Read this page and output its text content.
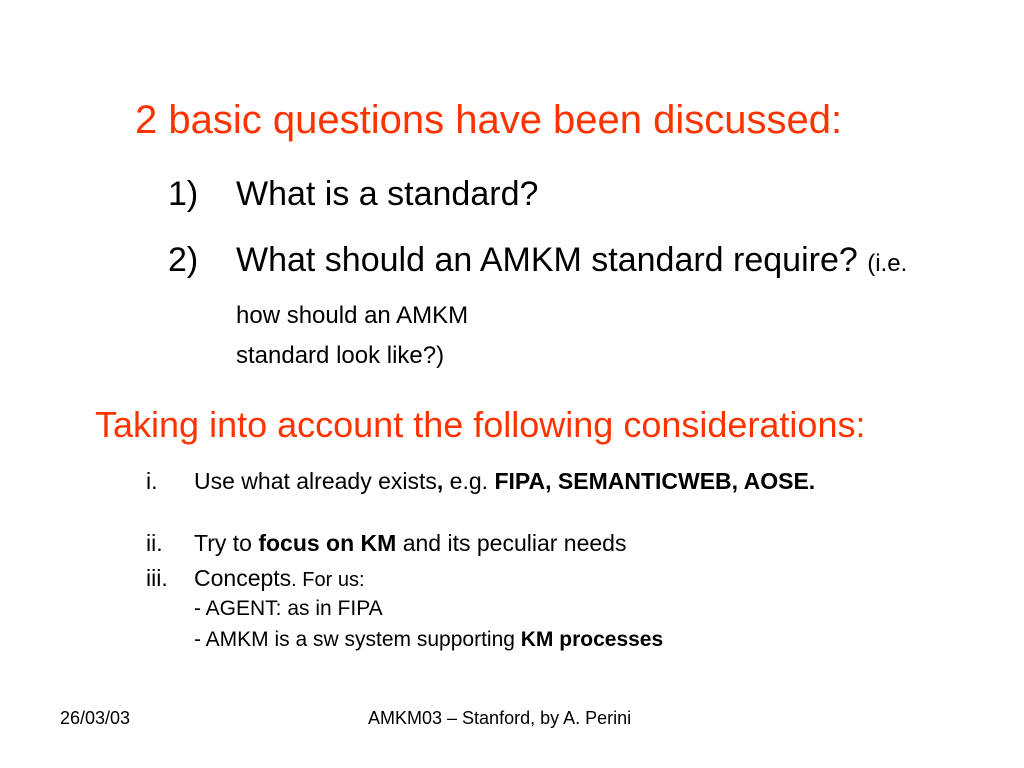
2 basic questions have been discussed:
1) What is a standard?
2) What should an AMKM standard require? (i.e. how should an AMKM
standard look like?)
Taking into account the following considerations:
i. Use what already exists, e.g. FIPA, SEMANTICWEB, AOSE.
ii. Try to focus on KM and its peculiar needs
iii. Concepts. For us:
- AGENT: as in FIPA
- AMKM is a sw system supporting KM processes
26/03/03	AMKM03 – Stanford, by A. Perini
